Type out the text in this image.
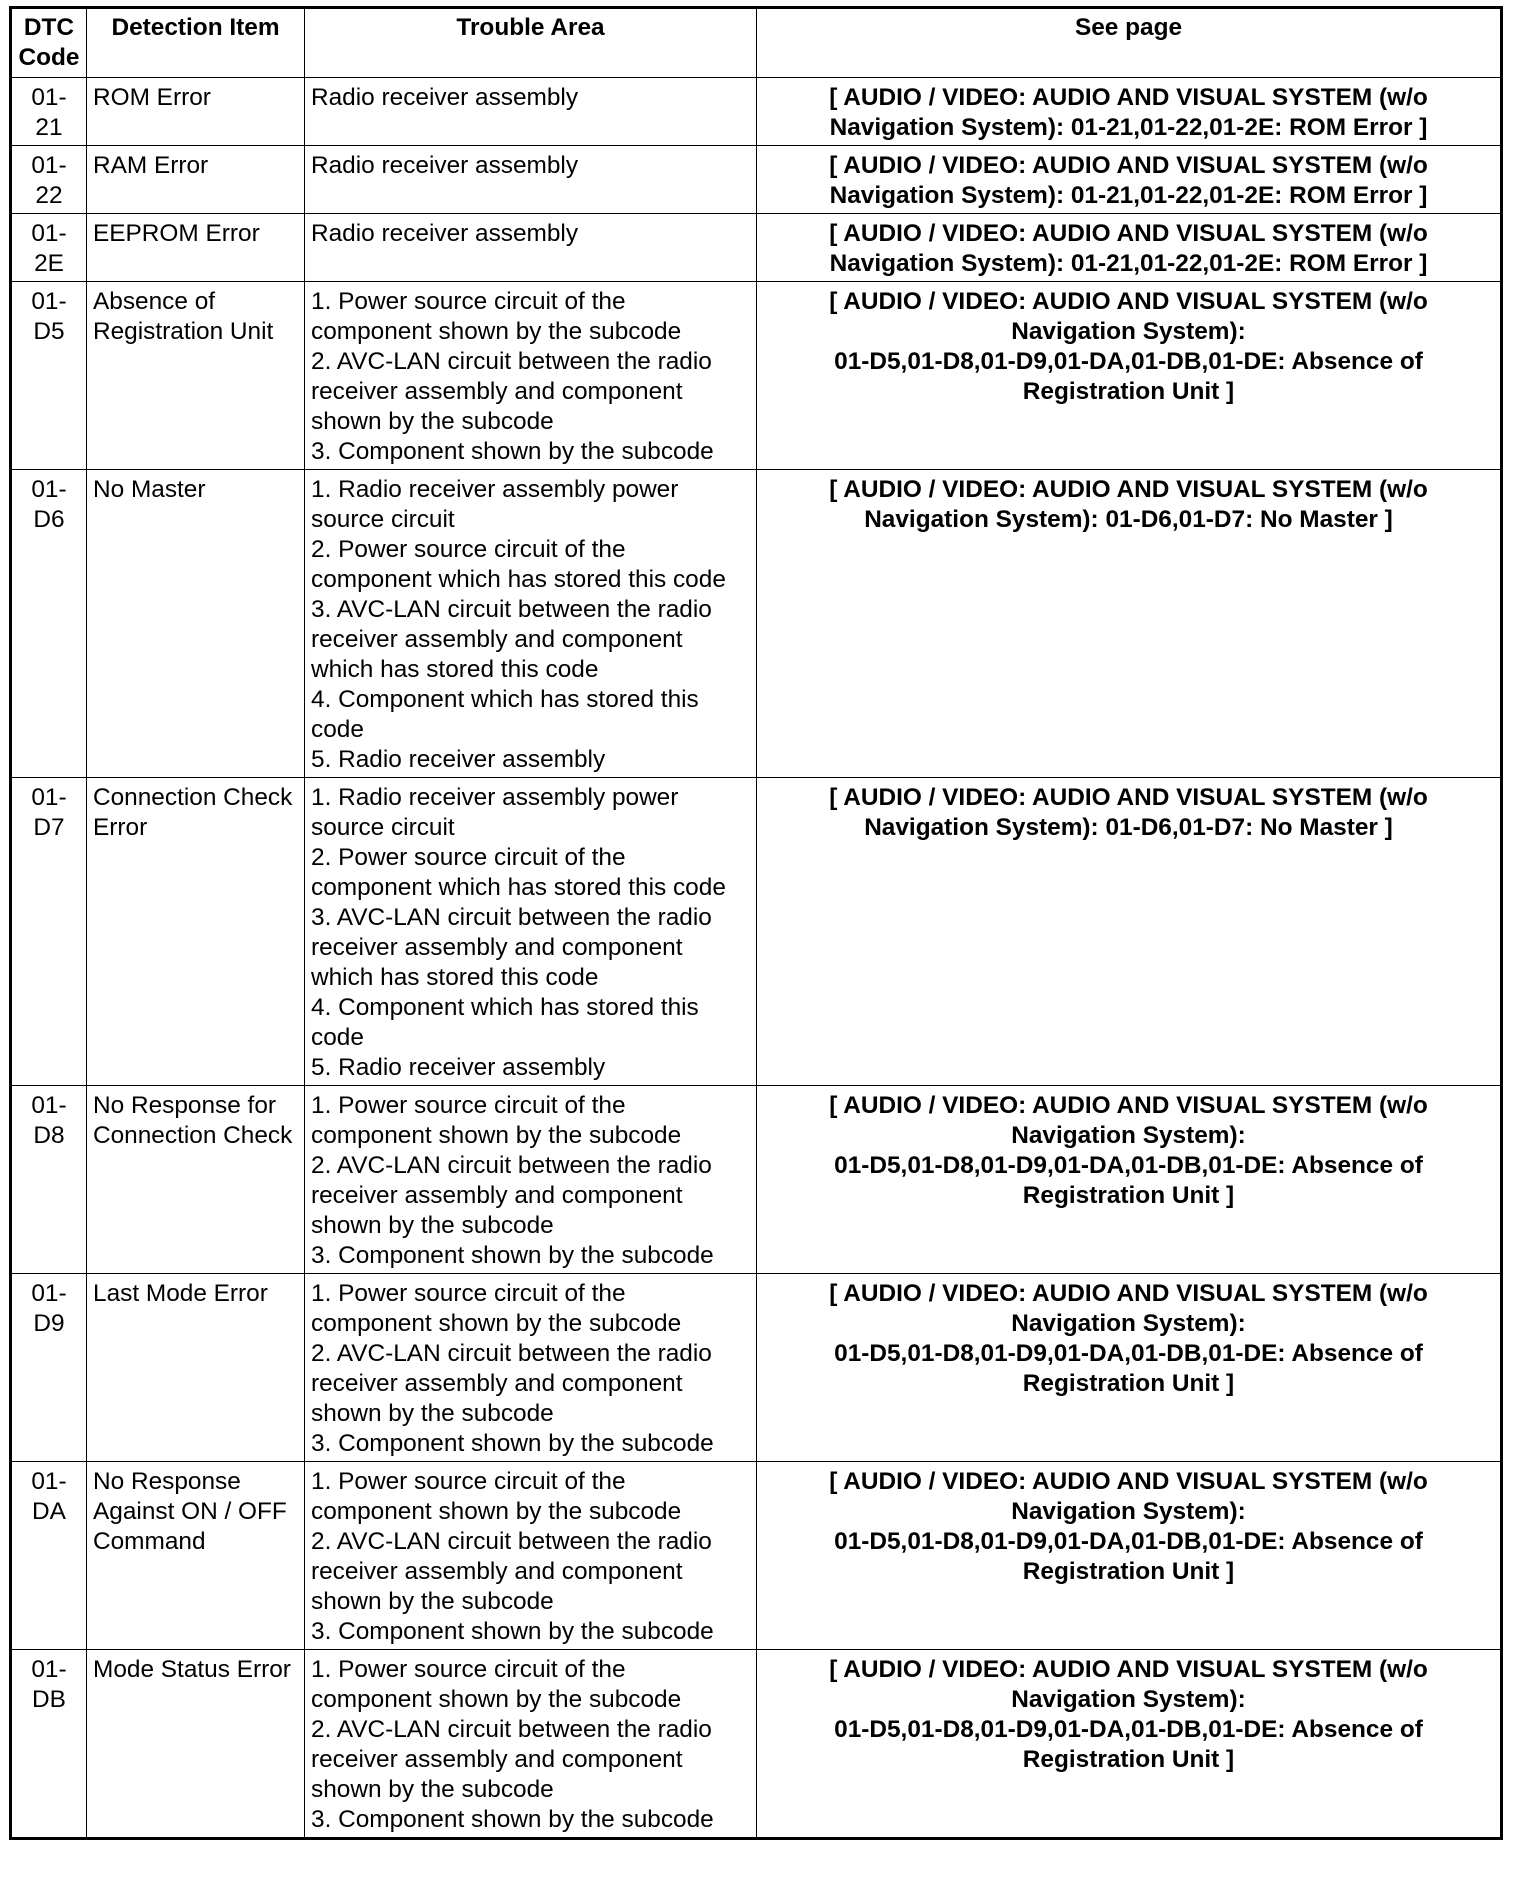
DTC Code	Detection Item	Trouble Area	See page
01-21	ROM Error	Radio receiver assembly	[ AUDIO / VIDEO: AUDIO AND VISUAL SYSTEM (w/o
Navigation System): 01-21,01-22,01-2E: ROM Error ]

01-22	RAM Error	Radio receiver assembly	[ AUDIO / VIDEO: AUDIO AND VISUAL SYSTEM (w/o
Navigation System): 01-21,01-22,01-2E: ROM Error ]

01-2E	EEPROM Error	Radio receiver assembly	[ AUDIO / VIDEO: AUDIO AND VISUAL SYSTEM (w/o
Navigation System): 01-21,01-22,01-2E: ROM Error ]

01-D5	Absence of Registration Unit	1. Power source circuit of the component shown by the subcode
2. AVC-LAN circuit between the radio receiver assembly and component shown by the subcode
3. Component shown by the subcode	[ AUDIO / VIDEO: AUDIO AND VISUAL SYSTEM (w/o
Navigation System):
01-D5,01-D8,01-D9,01-DA,01-DB,01-DE: Absence of
Registration Unit ]

01-D6	No Master	1. Radio receiver assembly power source circuit
2. Power source circuit of the component which has stored this code
3. AVC-LAN circuit between the radio receiver assembly and component which has stored this code
4. Component which has stored this code
5. Radio receiver assembly	[ AUDIO / VIDEO: AUDIO AND VISUAL SYSTEM (w/o
Navigation System): 01-D6,01-D7: No Master ]

01-D7	Connection Check Error	1. Radio receiver assembly power source circuit
2. Power source circuit of the component which has stored this code
3. AVC-LAN circuit between the radio receiver assembly and component which has stored this code
4. Component which has stored this code
5. Radio receiver assembly	[ AUDIO / VIDEO: AUDIO AND VISUAL SYSTEM (w/o
Navigation System): 01-D6,01-D7: No Master ]

01-D8	No Response for Connection Check	1. Power source circuit of the component shown by the subcode
2. AVC-LAN circuit between the radio receiver assembly and component shown by the subcode
3. Component shown by the subcode	[ AUDIO / VIDEO: AUDIO AND VISUAL SYSTEM (w/o
Navigation System):
01-D5,01-D8,01-D9,01-DA,01-DB,01-DE: Absence of
Registration Unit ]

01-D9	Last Mode Error	1. Power source circuit of the component shown by the subcode
2. AVC-LAN circuit between the radio receiver assembly and component shown by the subcode
3. Component shown by the subcode	[ AUDIO / VIDEO: AUDIO AND VISUAL SYSTEM (w/o
Navigation System):
01-D5,01-D8,01-D9,01-DA,01-DB,01-DE: Absence of
Registration Unit ]

01-DA	No Response Against ON / OFF Command	1. Power source circuit of the component shown by the subcode
2. AVC-LAN circuit between the radio receiver assembly and component shown by the subcode
3. Component shown by the subcode	[ AUDIO / VIDEO: AUDIO AND VISUAL SYSTEM (w/o
Navigation System):
01-D5,01-D8,01-D9,01-DA,01-DB,01-DE: Absence of
Registration Unit ]

01-DB	Mode Status Error	1. Power source circuit of the component shown by the subcode
2. AVC-LAN circuit between the radio receiver assembly and component shown by the subcode
3. Component shown by the subcode	[ AUDIO / VIDEO: AUDIO AND VISUAL SYSTEM (w/o
Navigation System):
01-D5,01-D8,01-D9,01-DA,01-DB,01-DE: Absence of
Registration Unit ]
